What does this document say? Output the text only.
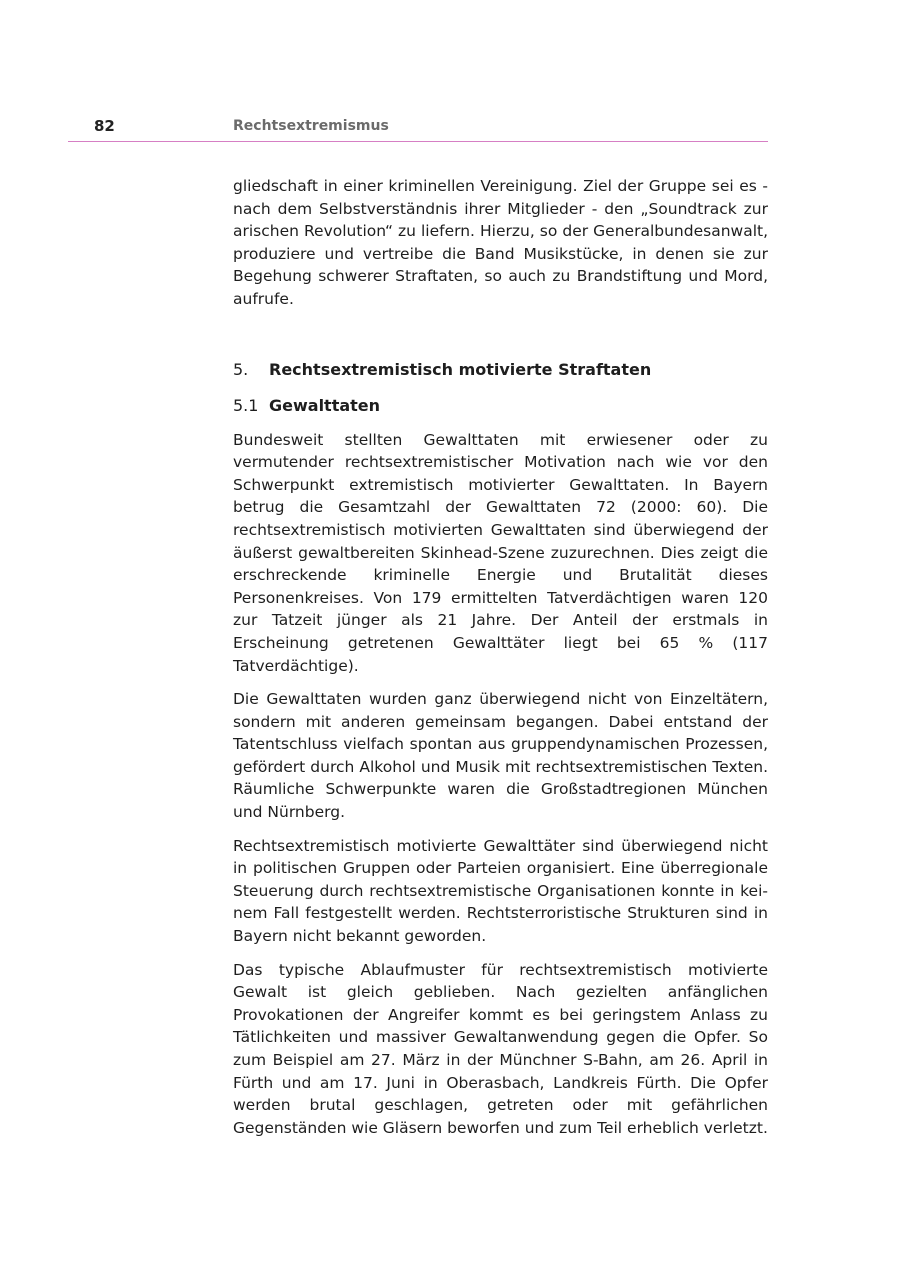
82	Rechtsextremismus

gliedschaft in einer kriminellen Vereinigung. Ziel der Gruppe sei es - nach dem Selbstverständnis ihrer Mitglieder - den „Soundtrack zur arischen Revolution“ zu liefern. Hierzu, so der Generalbundesanwalt, produziere und vertreibe die Band Musikstücke, in denen sie zur Begehung schwerer Straftaten, so auch zu Brandstiftung und Mord, aufrufe.

5.	Rechtsextremistisch motivierte Straftaten
5.1 Gewalttaten

Bundesweit stellten Gewalttaten mit erwiesener oder zu vermutender rechtsextremistischer Motivation nach wie vor den Schwerpunkt extremistisch motivierter Gewalttaten. In Bayern betrug die Gesamtzahl der Gewalttaten 72 (2000: 60). Die rechtsextremistisch motivierten Gewalttaten sind überwiegend der äußerst gewaltbereiten Skinhead-Szene zuzurechnen. Dies zeigt die erschreckende kriminelle Energie und Brutalität dieses Personenkreises. Von 179 ermittelten Tatverdächtigen waren 120 zur Tatzeit jünger als 21 Jahre. Der Anteil der erstmals in Erscheinung getretenen Gewalttäter liegt bei 65 % (117 Tatverdächtige).

Die Gewalttaten wurden ganz überwiegend nicht von Einzeltätern, sondern mit anderen gemeinsam begangen. Dabei entstand der Tatentschluss vielfach spontan aus gruppendynamischen Prozessen, gefördert durch Alkohol und Musik mit rechtsextremistischen Texten. Räumliche Schwerpunkte waren die Großstadtregionen München und Nürnberg.

Rechtsextremistisch motivierte Gewalttäter sind überwiegend nicht in politischen Gruppen oder Parteien organisiert. Eine überregionale Steuerung durch rechtsextremistische Organisationen konnte in keinem Fall festgestellt werden. Rechtsterroristische Strukturen sind in Bayern nicht bekannt geworden.

Das typische Ablaufmuster für rechtsextremistisch motivierte Gewalt ist gleich geblieben. Nach gezielten anfänglichen Provokationen der Angreifer kommt es bei geringstem Anlass zu Tätlichkeiten und massiver Gewaltanwendung gegen die Opfer. So zum Beispiel am 27. März in der Münchner S-Bahn, am 26. April in Fürth und am 17. Juni in Oberasbach, Landkreis Fürth. Die Opfer werden brutal geschlagen, getreten oder mit gefährlichen Gegenständen wie Gläsern beworfen und zum Teil erheblich verletzt.
